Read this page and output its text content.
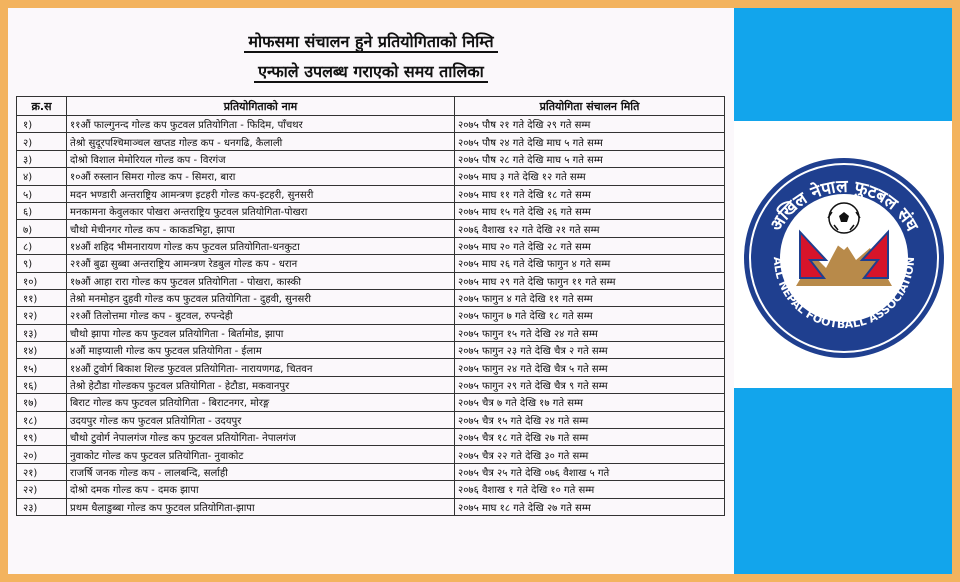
मोफसमा संचालन हुने प्रतियोगिताको निम्ति
एन्फाले उपलब्ध गराएको समय तालिका
क्र.स	प्रतियोगिताको नाम	प्रतियोगिता संचालन मिति
१)	११औं फाल्गुनन्द गोल्ड कप फुटवल प्रतियोगिता - फिदिम, पाँचथर	२०७५ पौष २१ गते देखि २९ गते सम्म
२)	तेश्रो सुदूरपश्चिमाञ्चल खप्तड गोल्ड कप - धनगढि, कैलाली	२०७५ पौष २४ गते देखि माघ ५ गते सम्म
३)	दोश्रो विशाल मेमोरियल गोल्ड कप - विरगंज	२०७५ पौष २८ गते देखि माघ ५ गते सम्म
४)	१०औं रुस्लान सिमरा गोल्ड कप - सिमरा, बारा	२०७५ माघ ३ गते देखि १२ गते सम्म
५)	मदन भण्डारी अन्तराष्ट्रिय आमन्त्रण इटहरी गोल्ड कप-इटहरी, सुनसरी	२०७५ माघ ११ गते देखि १८ गते सम्म
६)	मनकामना केवुलकार पोखरा अन्तराष्ट्रिय फुटवल प्रतियोगिता-पोखरा	२०७५ माघ १५ गते देखि २६ गते सम्म
७)	चौथो मेचीनगर गोल्ड कप - काकडभिट्टा, झापा	२०७६ वैशाख १२ गते देखि २१ गते सम्म
८)	१४औं शहिद भीमनारायण गोल्ड कप फुटवल प्रतियोगिता-धनकुटा	२०७५ माघ २० गते देखि २८ गते सम्म
९)	२१औं बुढा सुब्बा अन्तराष्ट्रिय आमन्त्रण रेडबुल गोल्ड कप - धरान	२०७५ माघ २६ गते देखि फागुन ४ गते सम्म
१०)	१७औं आहा रारा गोल्ड कप फुटवल प्रतियोगिता - पोखरा, कास्की	२०७५ माघ २९ गते देखि फागुन ११ गते सम्म
११)	तेश्रो मनमोहन दुहवी गोल्ड कप फुटवल प्रतियोगिता - दुहवी, सुनसरी	२०७५ फागुन ४ गते देखि ११ गते सम्म
१२)	२१औं तिलोत्तमा गोल्ड कप - बुटवल, रुपन्देही	२०७५ फागुन ७ गते देखि १८ गते सम्म
१३)	चौथो झापा गोल्ड कप फुटवल प्रतियोगिता - बिर्तामोड, झापा	२०७५ फागुन १५ गते देखि २४ गते सम्म
१४)	४औं माइप्याली गोल्ड कप फुटवल प्रतियोगिता - ईलाम	२०७५ फागुन २३ गते देखि चैत्र २ गते सम्म
१५)	१४औं टुवोर्ग बिकाश शिल्ड फुटवल प्रतियोगिता- नारायणगढ, चितवन	२०७५ फागुन २४ गते देखि चैत्र ५ गते सम्म
१६)	तेश्रो हेटौडा गोल्डकप फुटवल प्रतियोगिता - हेटौडा, मकवानपुर	२०७५ फागुन २९ गते देखि चैत्र ९ गते सम्म
१७)	बिराट गोल्ड कप फुटवल प्रतियोगिता - बिराटनगर, मोरङ्ग	२०७५ चैत्र ७ गते देखि १७ गते सम्म
१८)	उदयपुर गोल्ड कप फुटवल प्रतियोगिता - उदयपुर	२०७५ चैत्र १५ गते देखि २४ गते सम्म
१९)	चौथो टुवोर्ग नेपालगंज गोल्ड कप फुटवल प्रतियोगिता- नेपालगंज	२०७५ चैत्र १८ गते देखि २७ गते सम्म
२०)	नुवाकोट गोल्ड कप फुटवल प्रतियोगिता- नुवाकोट	२०७५ चैत्र २२ गते देखि ३० गते सम्म
२१)	राजर्षि जनक गोल्ड कप - लालबन्दि, सर्लाही	२०७५ चैत्र २५ गते देखि ०७६ वैशाख ५ गते
२२)	दोश्रो दमक गोल्ड कप - दमक झापा	२०७६ वैशाख १ गते देखि १० गते सम्म
२३)	प्रथम धैलाडुब्बा गोल्ड कप फुटवल प्रतियोगिता-झापा	२०७५ माघ १८ गते देखि २७ गते सम्म
अखिल नेपाल फुटबल संघ
ALL NEPAL FOOTBALL ASSOCIATION
